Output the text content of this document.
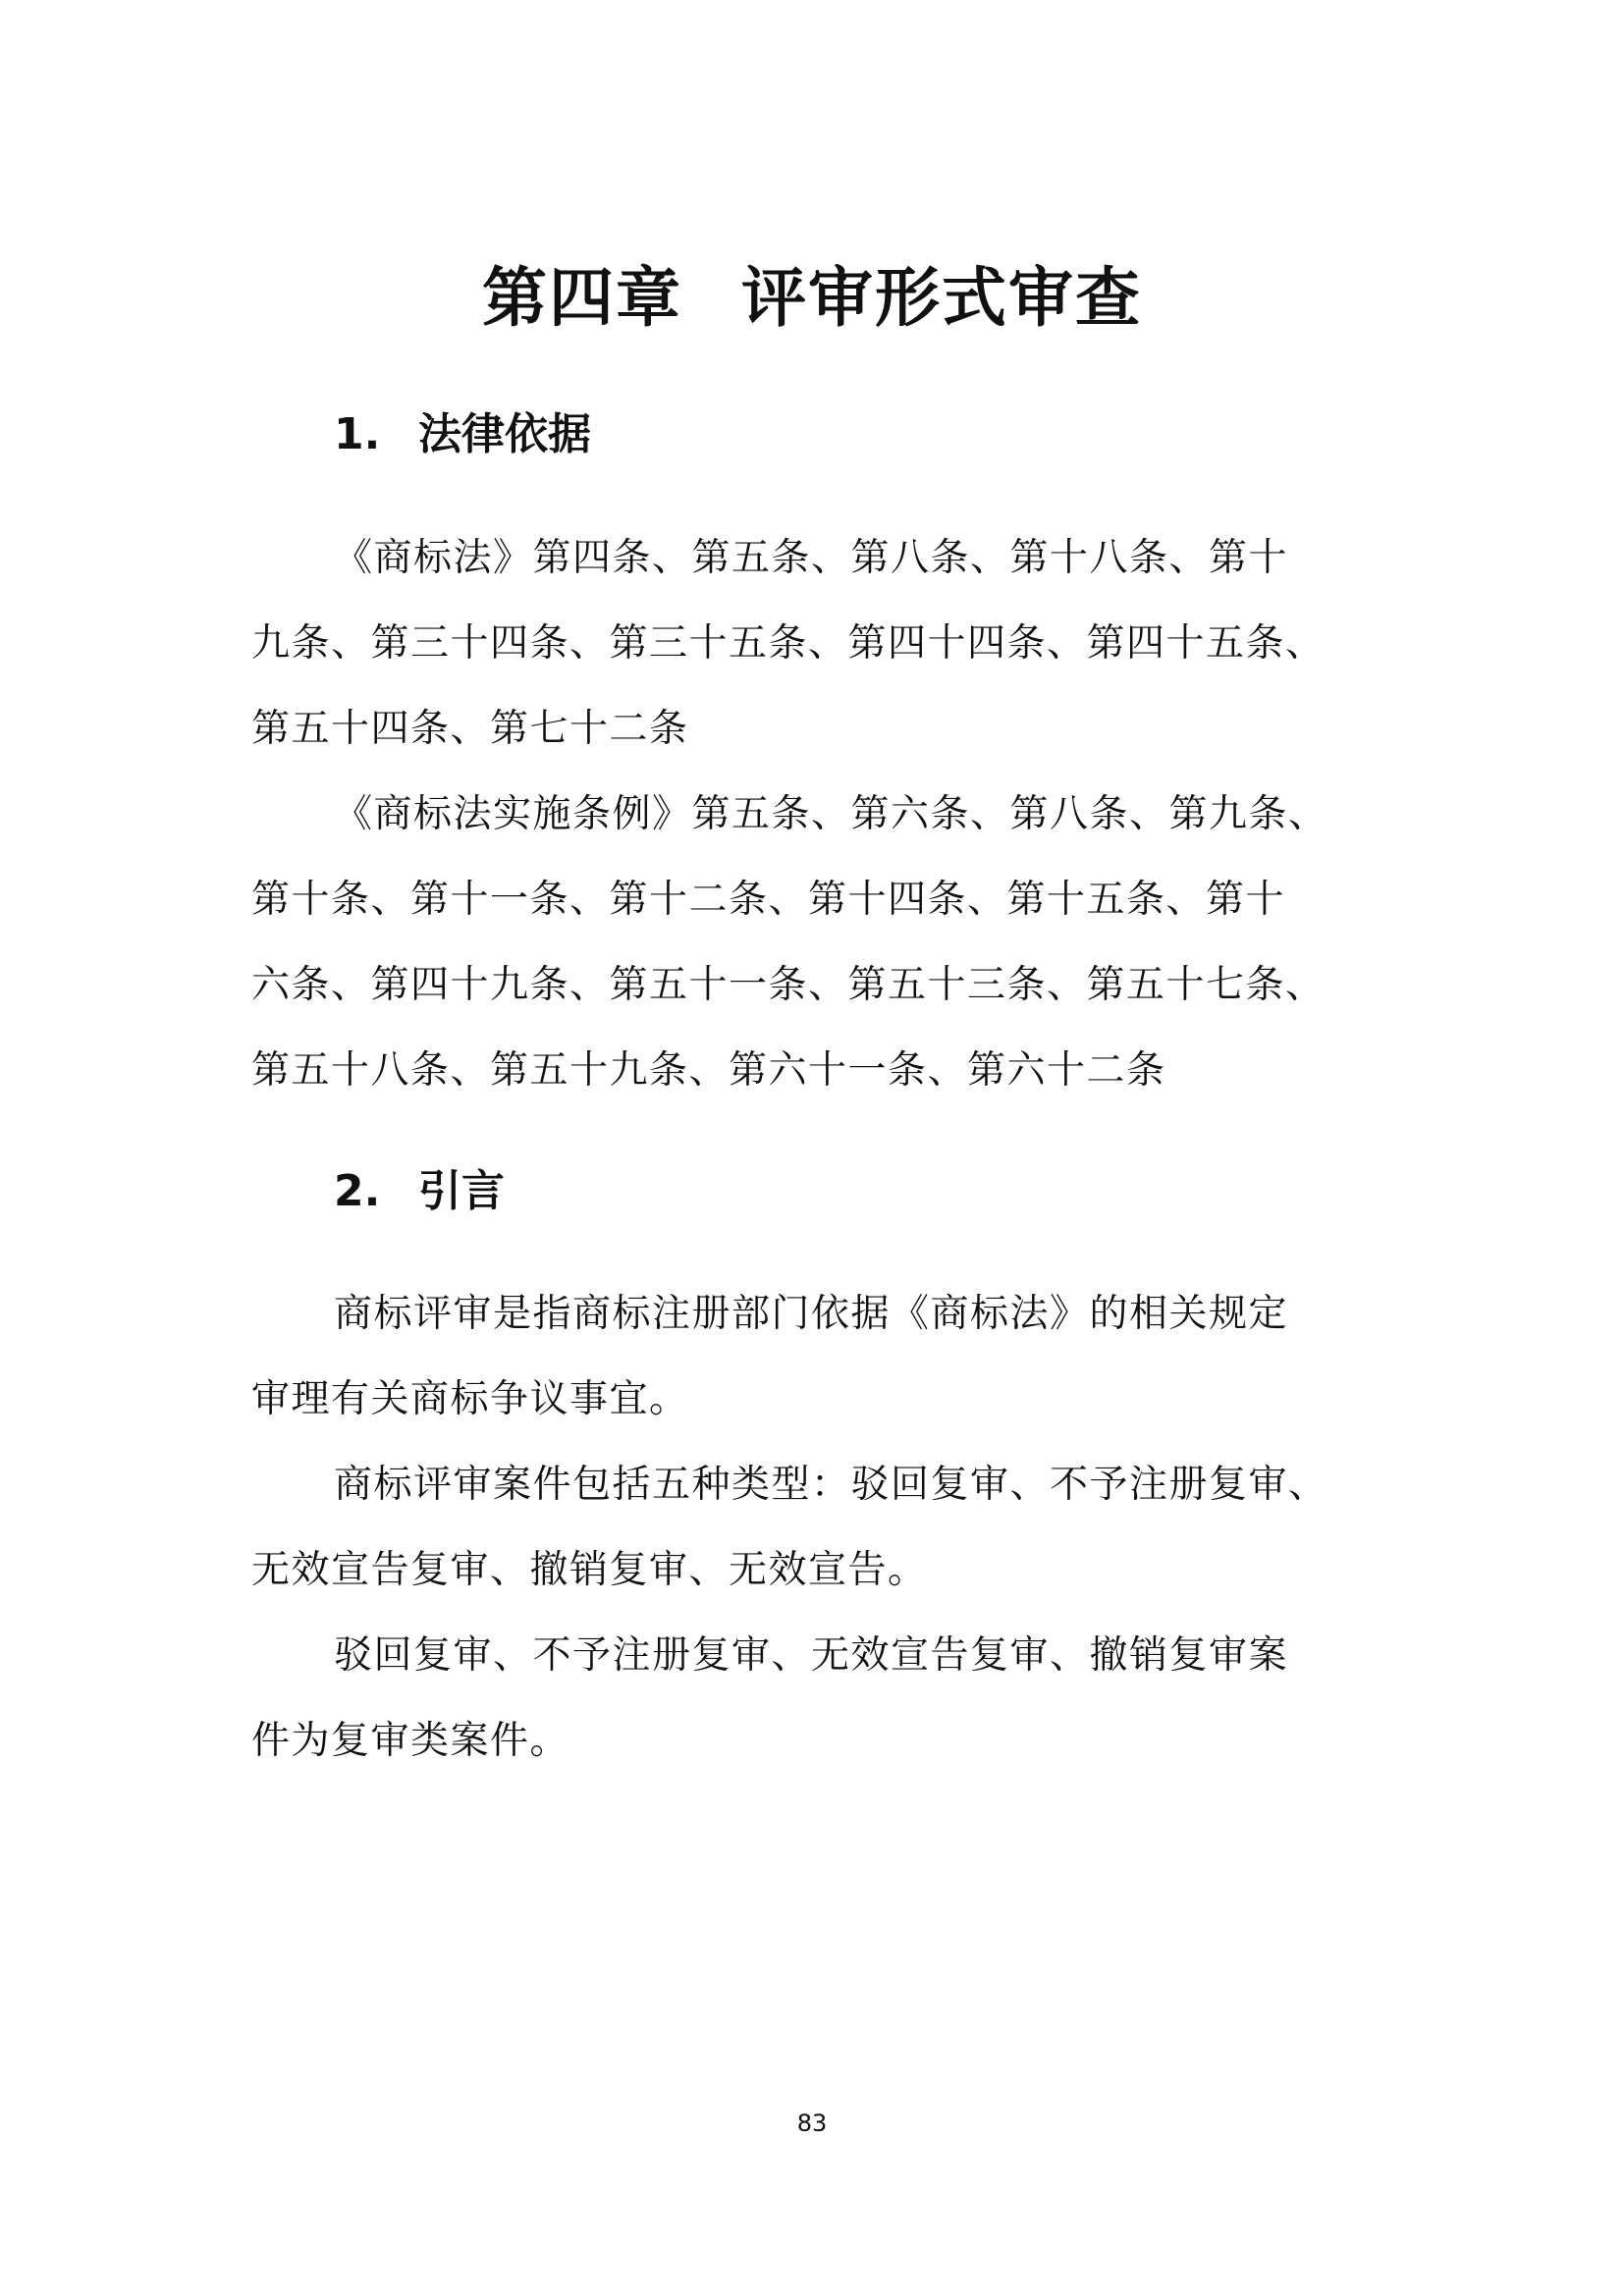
第四章 评审形式审查
1. 法律依据
《商标法》第四条、第五条、第八条、第十八条、第十
九条、第三十四条、第三十五条、第四十四条、第四十五条、
第五十四条、第七十二条
《商标法实施条例》第五条、第六条、第八条、第九条、
第十条、第十一条、第十二条、第十四条、第十五条、第十
六条、第四十九条、第五十一条、第五十三条、第五十七条、
第五十八条、第五十九条、第六十一条、第六十二条
2. 引言
商标评审是指商标注册部门依据《商标法》的相关规定
审理有关商标争议事宜。
商标评审案件包括五种类型：驳回复审、不予注册复审、
无效宣告复审、撤销复审、无效宣告。
驳回复审、不予注册复审、无效宣告复审、撤销复审案
件为复审类案件。
83
